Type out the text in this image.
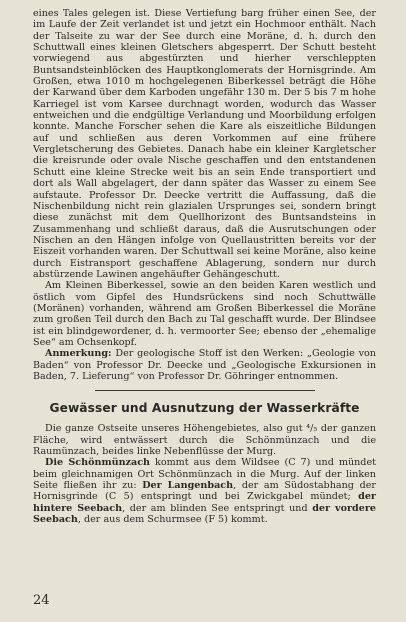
eines Tales gelegen ist. Diese Vertiefung barg früher einen See, der im Laufe der Zeit verlandet ist und jetzt ein Hochmoor enthält. Nach der Talseite zu war der See durch eine Moräne, d. h. durch den Schuttwall eines kleinen Gletschers abgesperrt. Der Schutt besteht vorwiegend aus abgestürzten und hierher verschleppten Buntsandsteinblöcken des Hauptkonglomerats der Hornisgrinde. Am Großen, etwa 1010 m hochgelegenen Biberkessel beträgt die Höhe der Karwand über dem Karboden ungefähr 130 m. Der 5 bis 7 m hohe Karriegel ist vom Karsee durchnagt worden, wodurch das Wasser entweichen und die endgültige Verlandung und Moorbildung erfolgen konnte. Manche Forscher sehen die Kare als eiszeitliche Bildungen auf und schließen aus deren Vorkommen auf eine frühere Vergletscherung des Gebietes. Danach habe ein kleiner Kargletscher die kreisrunde oder ovale Nische geschaffen und den entstandenen Schutt eine kleine Strecke weit bis an sein Ende transportiert und dort als Wall abgelagert, der dann später das Wasser zu einem See aufstaute. Professor Dr. Deecke vertritt die Auffassung, daß die Nischenbildung nicht rein glazialen Ursprunges sei, sondern bringt diese zunächst mit dem Quellhorizont des Buntsandsteins in Zusammenhang und schließt daraus, daß die Ausrutschungen oder Nischen an den Hängen infolge von Quellaustritten bereits vor der Eiszeit vorhanden waren. Der Schuttwall sei keine Moräne, also keine durch Eistransport geschaffene Ablagerung, sondern nur durch abstürzende Lawinen angehäufter Gehängeschutt.

Am Kleinen Biberkessel, sowie an den beiden Karen westlich und östlich vom Gipfel des Hundsrückens sind noch Schuttwälle (Moränen) vorhanden, während am Großen Biberkessel die Moräne zum großen Teil durch den Bach zu Tal geschafft wurde. Der Blindsee ist ein blindgewordener, d. h. vermoorter See; ebenso der „ehemalige See“ am Ochsenkopf.

Anmerkung: Der geologische Stoff ist den Werken: „Geologie von Baden“ von Professor Dr. Deecke und „Geologische Exkursionen in Baden, 7. Lieferung“ von Professor Dr. Göhringer entnommen.

Gewässer und Ausnutzung der Wasserkräfte

Die ganze Ostseite unseres Höhengebietes, also gut ⁴/₅ der ganzen Fläche, wird entwässert durch die Schönmünzach und die Raumünzach, beides linke Nebenflüsse der Murg.

Die Schönmünzach kommt aus dem Wildsee (C 7) und mündet beim gleichnamigen Ort Schönmünzach in die Murg. Auf der linken Seite fließen ihr zu: Der Langenbach, der am Südostabhang der Hornisgrinde (C 5) entspringt und bei Zwickgabel mündet; der hintere Seebach, der am blinden See entspringt und der vordere Seebach, der aus dem Schurmsee (F 5) kommt.

24
